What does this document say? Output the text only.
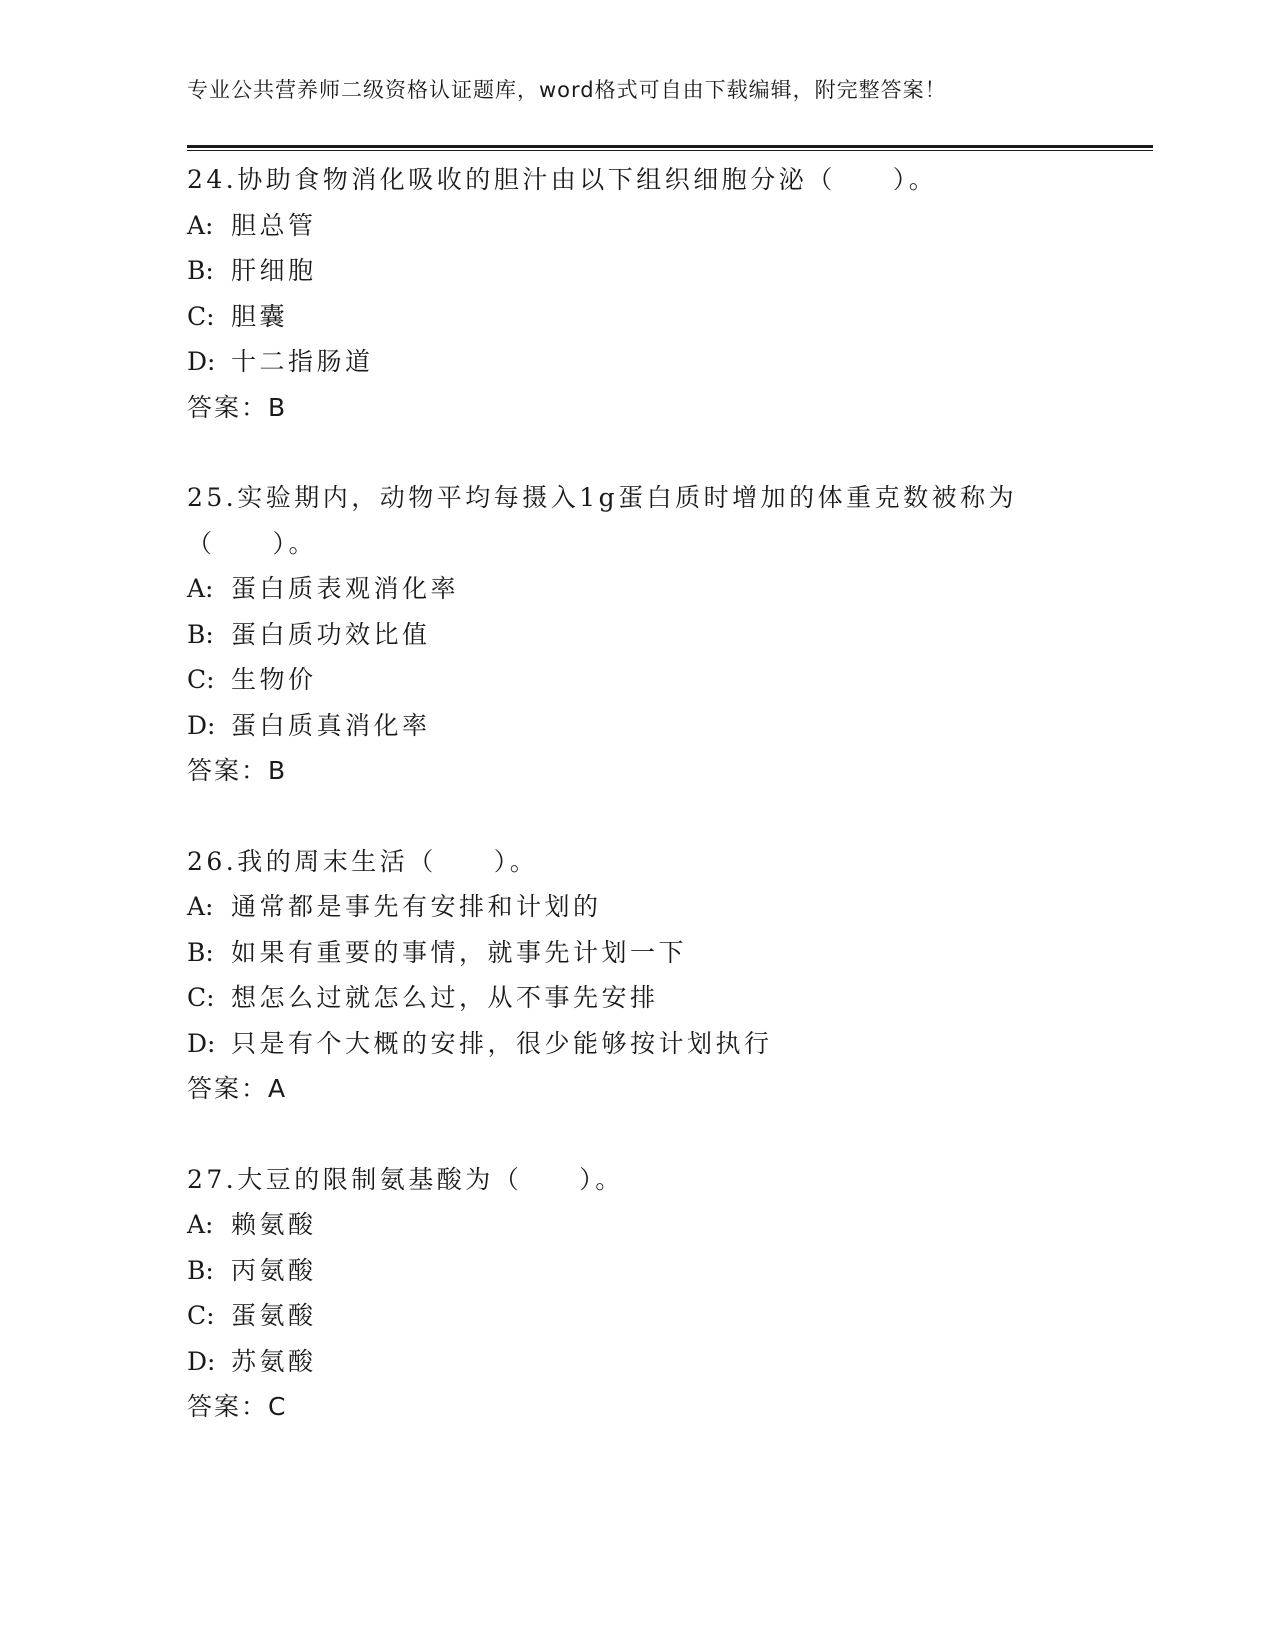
专业公共营养师二级资格认证题库，word格式可自由下载编辑，附完整答案！
24.协助食物消化吸收的胆汁由以下组织细胞分泌（　　）。
A: 胆总管
B: 肝细胞
C: 胆囊
D: 十二指肠道
答案：B
25.实验期内，动物平均每摄入1g蛋白质时增加的体重克数被称为（　　）。
A: 蛋白质表观消化率
B: 蛋白质功效比值
C: 生物价
D: 蛋白质真消化率
答案：B
26.我的周末生活（　　）。
A: 通常都是事先有安排和计划的
B: 如果有重要的事情，就事先计划一下
C: 想怎么过就怎么过，从不事先安排
D: 只是有个大概的安排，很少能够按计划执行
答案：A
27.大豆的限制氨基酸为（　　）。
A: 赖氨酸
B: 丙氨酸
C: 蛋氨酸
D: 苏氨酸
答案：C
